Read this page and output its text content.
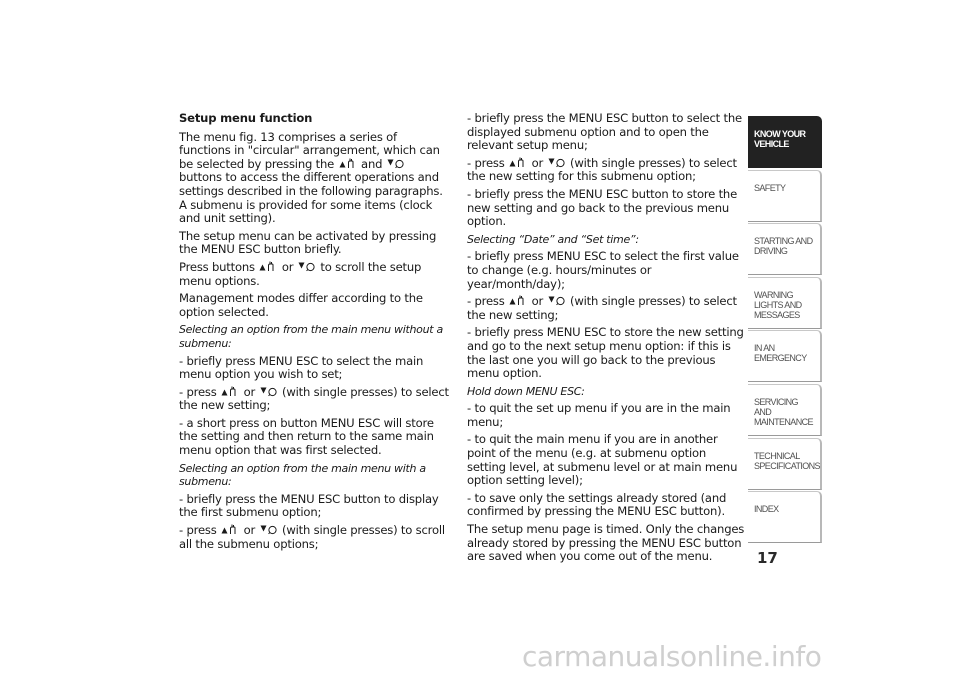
Setup menu function

The menu fig. 13 comprises a series of functions in "circular" arrangement, which can be selected by pressing the and
buttons to access the different operations and settings described in the following paragraphs. A submenu is provided for some items (clock and unit setting).

The setup menu can be activated by pressing the MENU ESC button briefly.

Press buttons or to scroll the setup menu options.

Management modes differ according to the option selected.

Selecting an option from the main menu without a submenu:

- briefly press MENU ESC to select the main menu option you wish to set;

- press or (with single presses) to select the new setting;

- a short press on button MENU ESC will store the setting and then return to the same main menu option that was first selected.

Selecting an option from the main menu with a submenu:

- briefly press the MENU ESC button to display the first submenu option;

- press or (with single presses) to scroll all the submenu options;

- briefly press the MENU ESC button to select the displayed submenu option and to open the relevant setup menu;

- press or (with single presses) to select the new setting for this submenu option;

- briefly press the MENU ESC button to store the new setting and go back to the previous menu option.

Selecting “Date” and “Set time”:

- briefly press MENU ESC to select the first value to change (e.g. hours/minutes or year/month/day);

- press or (with single presses) to select the new setting;

- briefly press MENU ESC to store the new setting and go to the next setup menu option: if this is the last one you will go back to the previous menu option.

Hold down MENU ESC:

- to quit the set up menu if you are in the main menu;

- to quit the main menu if you are in another point of the menu (e.g. at submenu option setting level, at submenu level or at main menu option setting level);

- to save only the settings already stored (and confirmed by pressing the MENU ESC button).

The setup menu page is timed. Only the changes already stored by pressing the MENU ESC button are saved when you come out of the menu.

KNOW YOUR VEHICLE
SAFETY
STARTING AND DRIVING
WARNING LIGHTS AND MESSAGES
IN AN EMERGENCY
SERVICING AND MAINTENANCE
TECHNICAL SPECIFICATIONS
INDEX
17
carmanualsonline.info
